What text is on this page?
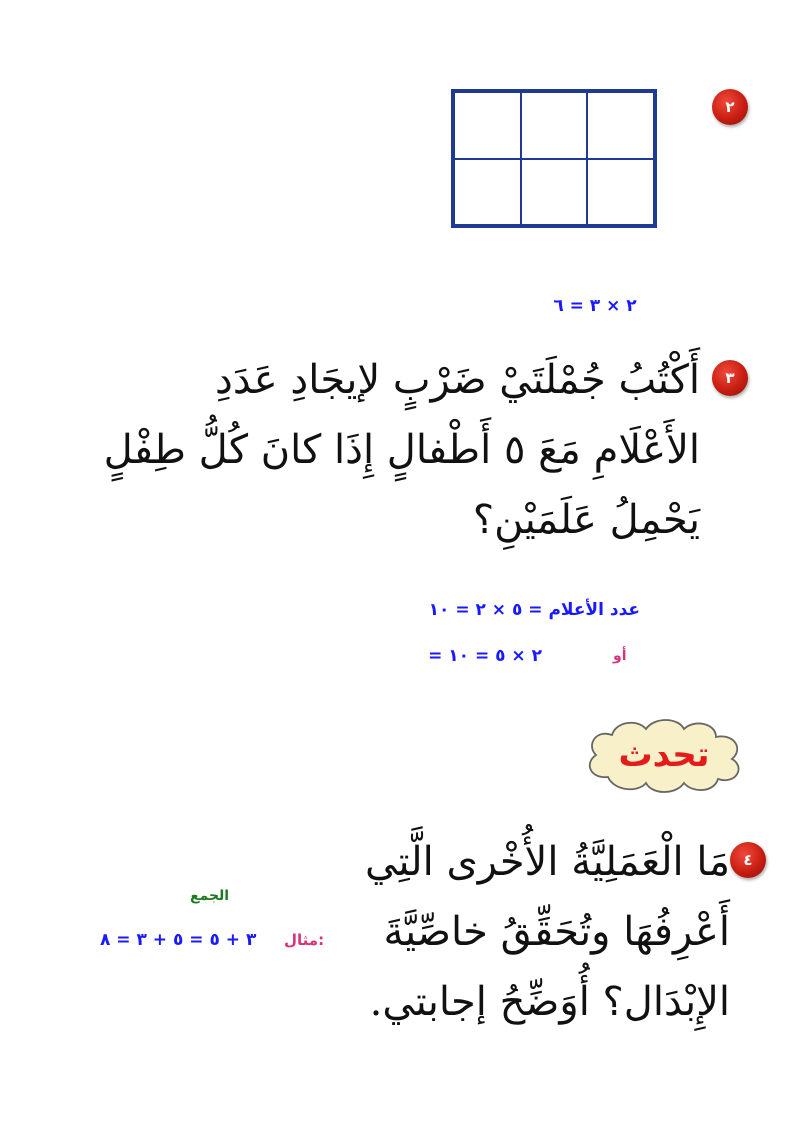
٢
٢ × ٣ = ٦
٣
أَكْتُبُ جُمْلَتَيْ ضَرْبٍ لإيجَادِ عَدَدِ
الأَعْلَامِ مَعَ ٥ أَطْفالٍ إِذَا كانَ كُلُّ طِفْلٍ
يَحْمِلُ عَلَمَيْنِ؟
عدد الأعلام = ٥ × ٢ = ١٠
أو
= ٢ × ٥ = ١٠
تحدث
٤
مَا الْعَمَلِيَّةُ الأُخْرى الَّتِي
أَعْرِفُهَا وتُحَقِّقُ خاصِّيَّةَ
الإِبْدَال؟ أُوَضِّحُ إجابتي.
الجمع
مثال:
٣ + ٥ = ٥ + ٣ = ٨
